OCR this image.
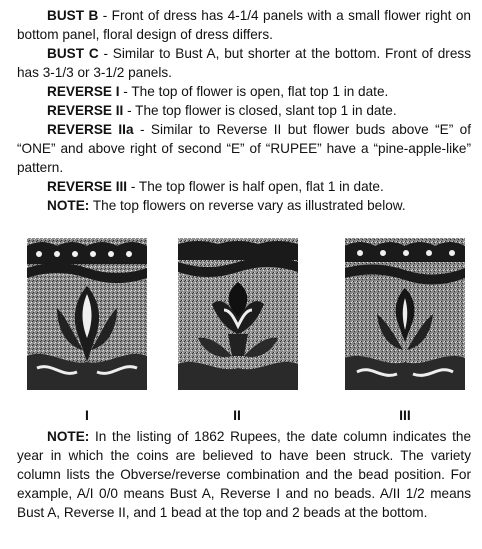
BUST B - Front of dress has 4-1/4 panels with a small flower right on bottom panel, floral design of dress differs.

BUST C - Similar to Bust A, but shorter at the bottom. Front of dress has 3-1/3 or 3-1/2 panels.

REVERSE I - The top of flower is open, flat top 1 in date.

REVERSE II - The top flower is closed, slant top 1 in date.

REVERSE IIa - Similar to Reverse II but flower buds above “E” of “ONE” and above right of second “E” of “RUPEE” have a “pine-apple-like” pattern.

REVERSE III - The top flower is half open, flat 1 in date.

NOTE: The top flowers on reverse vary as illustrated below.

I	II	III

NOTE: In the listing of 1862 Rupees, the date column indicates the year in which the coins are believed to have been struck. The variety column lists the Obverse/reverse combination and the bead position. For example, A/I 0/0 means Bust A, Reverse I and no beads. A/II 1/2 means Bust A, Reverse II, and 1 bead at the top and 2 beads at the bottom.
